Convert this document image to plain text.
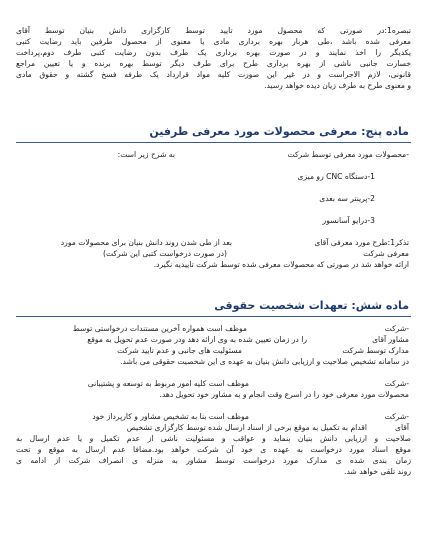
تبصره1:در صورتی که محصول مورد تایید توسط کارگزاری دانش بنیان توسط آقای
معرفی شده باشد ،طی هربار بهره برداری مادی یا معنوی از محصول طرفین باید رضایت کتبی
یکدیگر را اخذ نمایند و در صورت بهره برداری یک طرف بدون رضایت کتبی طرف دوم،پرداخت
خسارت جانبی ناشی از بهره برداری طرح برای طرف دیگر توسط بهره برنده و یا تعیین مراجع
قانونی، لازم الاجراست و در غیر این صورت کلیه مواد قرارداد یک طرفه فسخ گشته و حقوق مادی
و معنوی طرح به طرف زیان دیده خواهد رسید.
ماده پنج: معرفی محصولات مورد معرفی طرفین
-محصولات مورد معرفی توسط شرکت
به شرح زیر است:
1-دستگاه CNC رو میزی
2-پرینتر سه بعدی
3-درایو آسانسور
تذکر1:طرح مورد معرفی آقای
بعد از طی شدن روند دانش بنیان برای محصولات مورد
معرفی شرکت
(در صورت درخواست کتبی این شرکت)
ارائه خواهد شد در صورتی که محصولات معرفی شده توسط شرکت تاییدیه نگیرد.
ماده شش: تعهدات شخصیت حقوقی
-شرکت
موظف است همواره آخرین مستندات درخواستی توسط
مشاور آقای
را در زمان تعیین شده به وی ارائه دهد ودر صورت عدم تحویل به موقع
مدارک توسط شرکت
مسئولیت های جانبی و عدم تایید شرکت
در سامانه تشخیص صلاحیت و ارزیابی دانش بنیان به عهده ی این شخصیت حقوقی می باشد.
-شرکت
موظف است کلیه امور مربوط به توسعه و پشتیبانی
محصولات مورد معرفی خود را در اسرع وقت انجام و به مشاور خود تحویل دهد.
-شرکت
موظف است بنا به تشخیص مشاور و کارپرداز خود
آقای
اقدام به تکمیل به موقع برخی از اسناد ارسال شده توسط کارگزاری تشخیص
صلاحیت و ارزیابی دانش بنیان بنماید و عواقب و مسئولیت ناشی از عدم تکمیل و یا عدم ارسال به
موقع اسناد مورد درخواست به عهده ی خود آن شرکت خواهد بود.مضافا عدم ارسال به موقع و تحت
زمان بندی شده ی مدارک مورد درخواست توسط مشاور به منزله ی انصراف شرکت از ادامه ی
روند تلقی خواهد شد.
